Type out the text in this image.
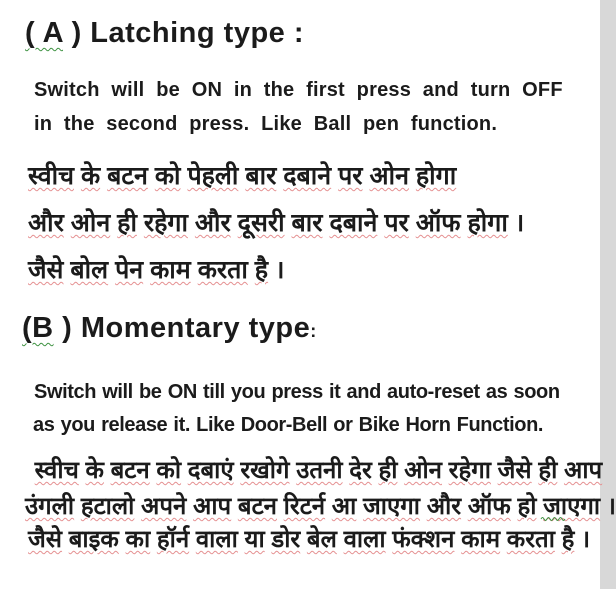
( A ) Latching type :

Switch will be ON in the first press and turn OFF

in the second press. Like Ball pen function.

स्वीच के बटन को पेहली बार दबाने पर ओन होगा

और ओन ही रहेगा और दूसरी बार दबाने पर ऑफ होगा ।

जैसे बोल पेन काम करता है ।

(B ) Momentary type:

Switch will be ON till you press it and auto-reset as soon

as you release it. Like Door-Bell or Bike Horn Function.

स्वीच के बटन को दबाएं रखोगे उतनी देर ही ओन रहेगा जैसे ही आप

उंगली हटालो अपने आप बटन रिटर्न आ जाएगा और ऑफ हो जाएगा ।

जैसे बाइक का हॉर्न वाला या डोर बेल वाला फंक्शन काम करता है ।
